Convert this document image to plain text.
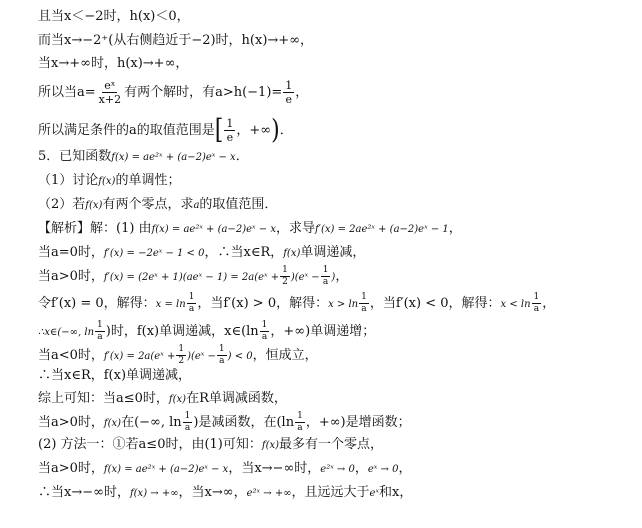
且当x＜−2时，h(x)＜0，
而当x→−2⁺(从右侧趋近于−2)时，h(x)→+∞，
当x→+∞时，h(x)→+∞，
所以当$a= \frac{\text{eˣ}}{x+2}$ 有两个解时，有$a>h(-1)= \frac{1}{e}$ ，
所以满足条件的a的取值范围是[ $\frac{1}{e}$ ，+∞)．
5．已知函数f(x) = ae²ˣ + (a−2)eˣ − x．
（1）讨论f(x)的单调性；
（2）若f(x)有两个零点，求a的取值范围．
【解析】解：(1) 由f(x) = ae²ˣ + (a−2)eˣ − x，求导f′(x) = 2ae²ˣ + (a−2)eˣ − 1，
当a=0时，f′(x) = −2eˣ − 1 < 0，∴当x∈R，f(x)单调递减，
当a>0时，f′(x) = (2eˣ + 1)(aeˣ − 1) = 2a(eˣ + $\frac{1}{2}$ )(eˣ − $\frac{1}{a}$ )，
令f′(x) = 0，解得：$x = \ln \frac{1}{a}$ ，当f′(x) > 0，解得：$x > \ln \frac{1}{a}$ ，当f′(x) < 0，解得：$x < \ln \frac{1}{a}$ ，
∴x∈(−∞, $\ln \frac{1}{a}$ )时，f(x)单调递减，x∈(ln $\frac{1}{a}$ ，+∞)单调递增；
当a<0时，f′(x) = 2a(eˣ + $\frac{1}{2}$ )(eˣ − $\frac{1}{a}$ ) < 0，恒成立，
∴当x∈R，f(x)单调递减，
综上可知：当a≤0时，f(x)在R单调减函数，
当a>0时，f(x)在(−∞, $\ln \frac{1}{a}$ )是减函数，在($\ln \frac{1}{a}$ ，+∞)是增函数；
(2) 方法一：①若a≤0时，由(1)可知：f(x)最多有一个零点，
当a>0时，f(x) = ae²ˣ + (a−2)eˣ − x，当x→−∞时，e²ˣ → 0，eˣ → 0，
∴当x→−∞时，f(x) → +∞，当x→∞，e²ˣ → +∞，且远远大于eˣ和x，
